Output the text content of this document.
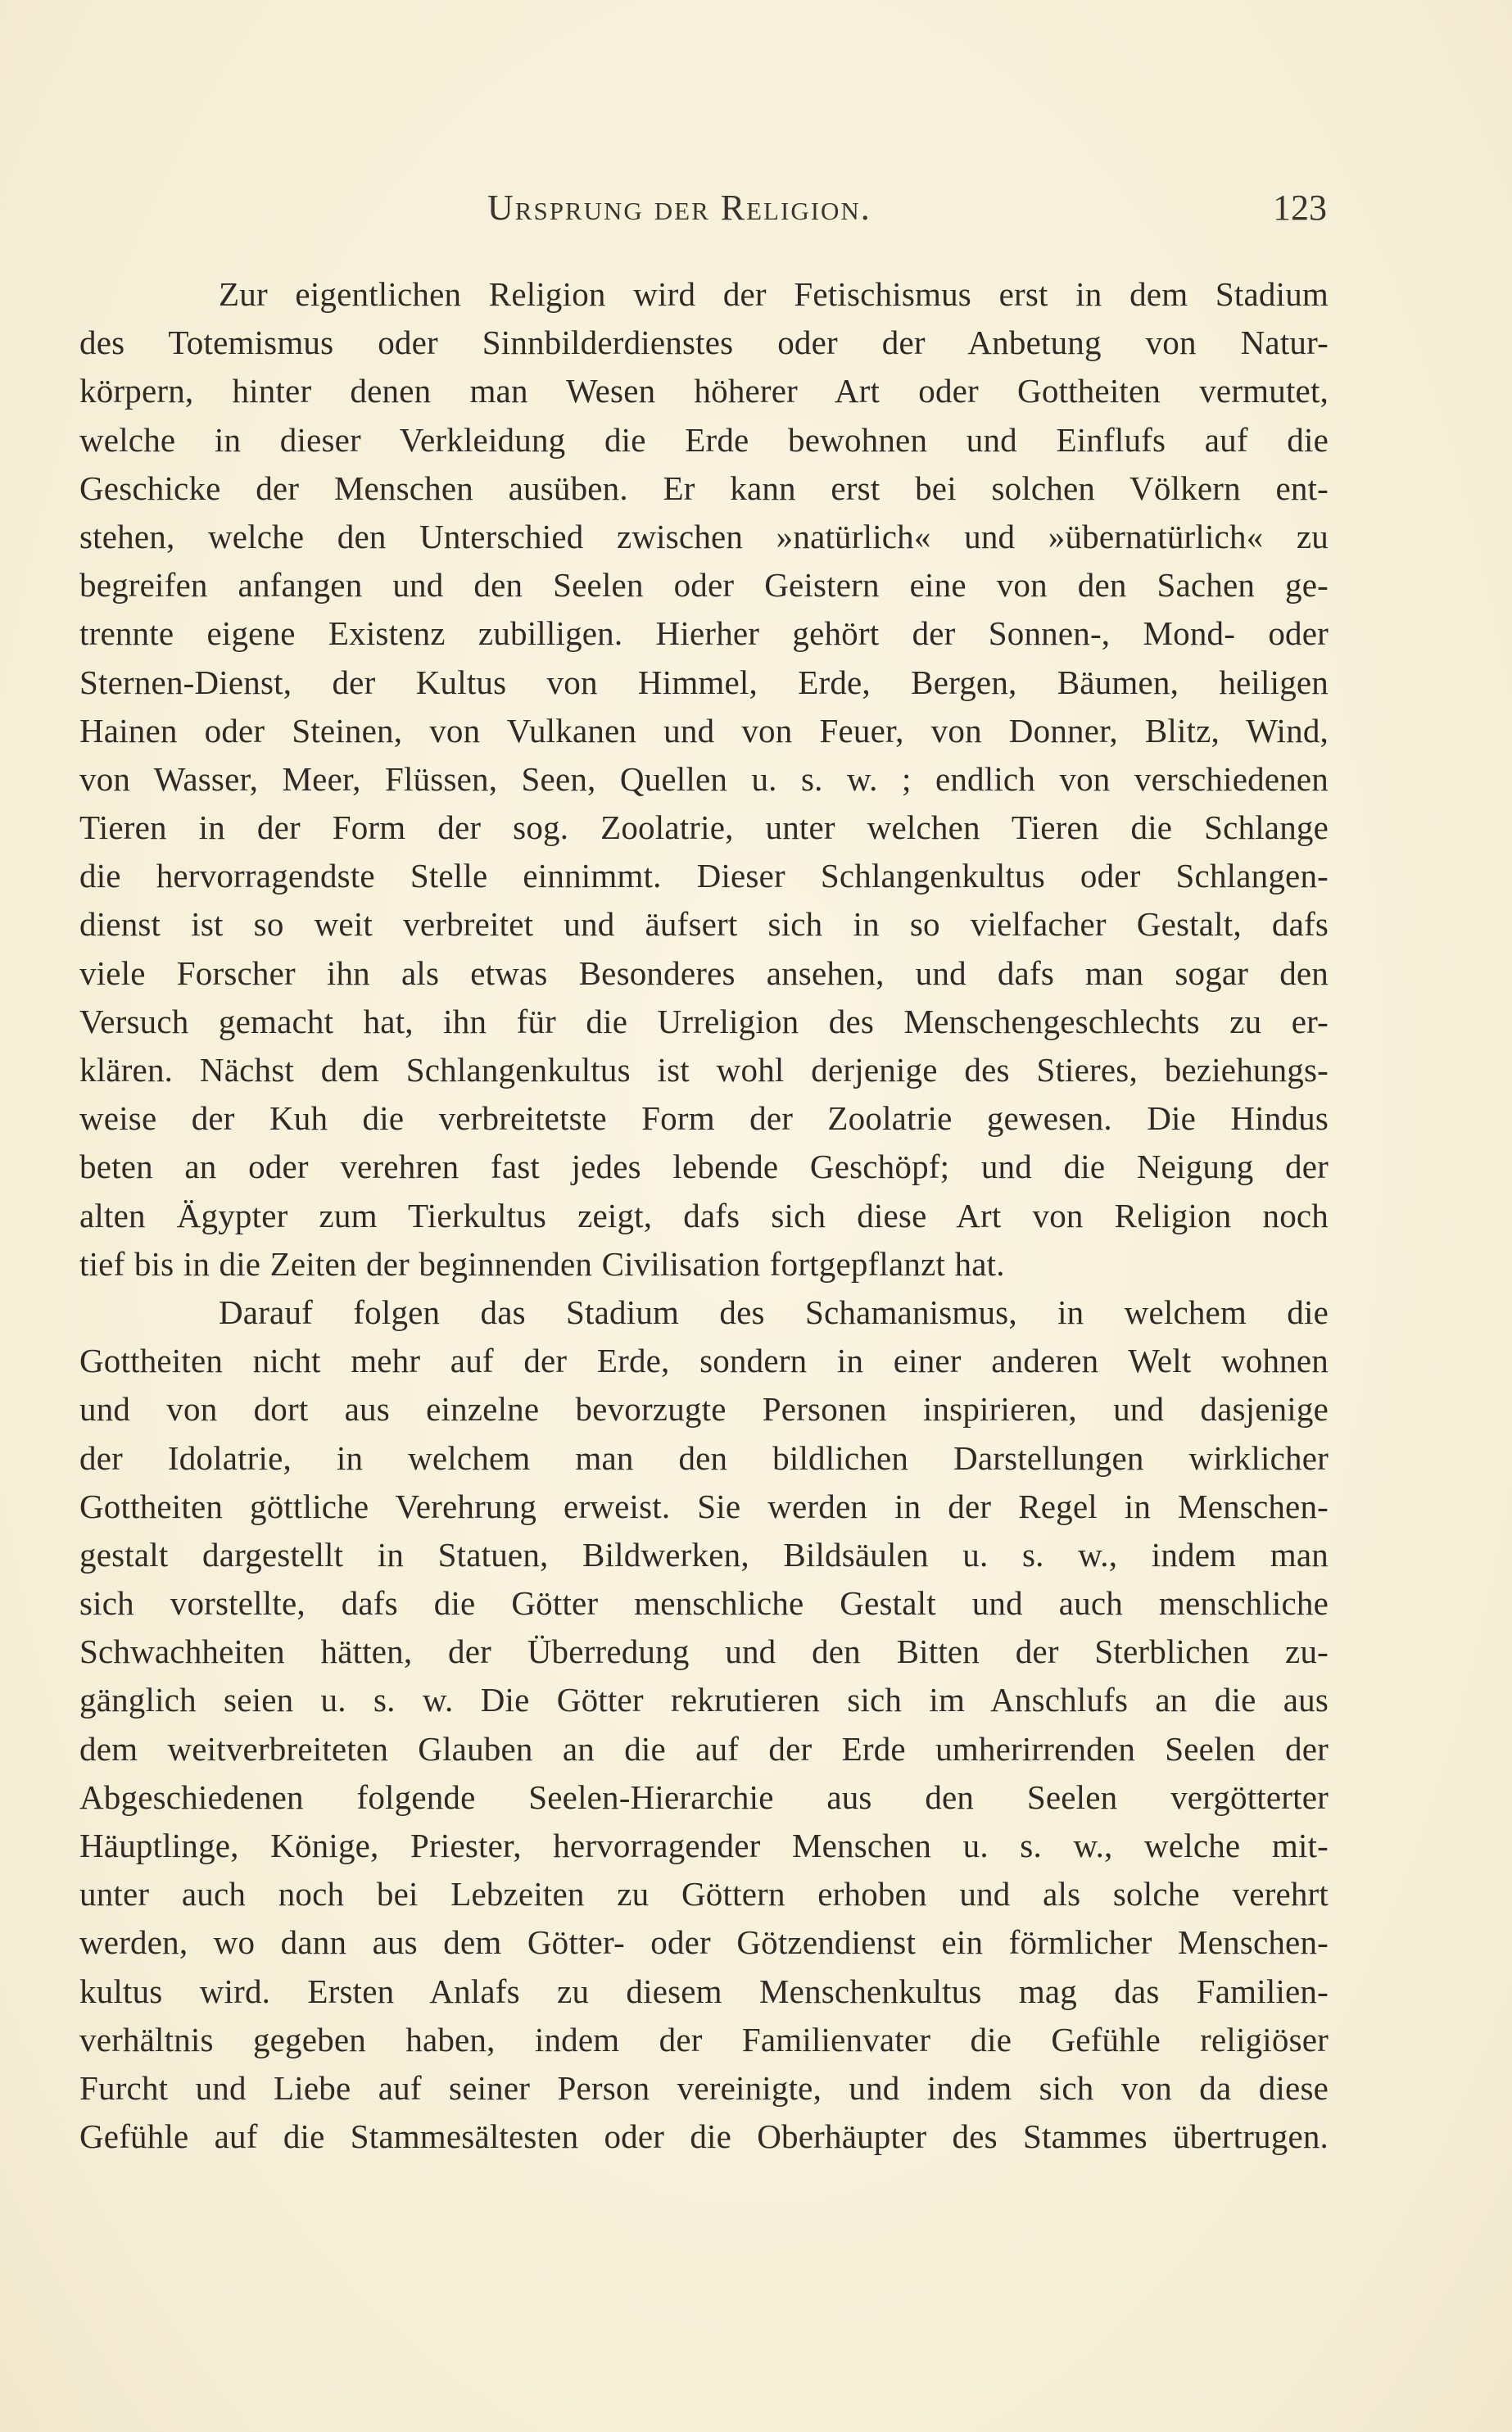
Ursprung der Religion.	123
Zur eigentlichen Religion wird der Fetischismus erst in dem Stadium
des Totemismus oder Sinnbilderdienstes oder der Anbetung von Natur-
körpern, hinter denen man Wesen höherer Art oder Gottheiten vermutet,
welche in dieser Verkleidung die Erde bewohnen und Einflufs auf die
Geschicke der Menschen ausüben. Er kann erst bei solchen Völkern ent-
stehen, welche den Unterschied zwischen »natürlich« und »übernatürlich« zu
begreifen anfangen und den Seelen oder Geistern eine von den Sachen ge-
trennte eigene Existenz zubilligen. Hierher gehört der Sonnen-, Mond- oder
Sternen-Dienst, der Kultus von Himmel, Erde, Bergen, Bäumen, heiligen
Hainen oder Steinen, von Vulkanen und von Feuer, von Donner, Blitz, Wind,
von Wasser, Meer, Flüssen, Seen, Quellen u. s. w. ; endlich von verschiedenen
Tieren in der Form der sog. Zoolatrie, unter welchen Tieren die Schlange
die hervorragendste Stelle einnimmt. Dieser Schlangenkultus oder Schlangen-
dienst ist so weit verbreitet und äufsert sich in so vielfacher Gestalt, dafs
viele Forscher ihn als etwas Besonderes ansehen, und dafs man sogar den
Versuch gemacht hat, ihn für die Urreligion des Menschengeschlechts zu er-
klären. Nächst dem Schlangenkultus ist wohl derjenige des Stieres, beziehungs-
weise der Kuh die verbreitetste Form der Zoolatrie gewesen. Die Hindus
beten an oder verehren fast jedes lebende Geschöpf; und die Neigung der
alten Ägypter zum Tierkultus zeigt, dafs sich diese Art von Religion noch
tief bis in die Zeiten der beginnenden Civilisation fortgepflanzt hat.
Darauf folgen das Stadium des Schamanismus, in welchem die
Gottheiten nicht mehr auf der Erde, sondern in einer anderen Welt wohnen
und von dort aus einzelne bevorzugte Personen inspirieren, und dasjenige
der Idolatrie, in welchem man den bildlichen Darstellungen wirklicher
Gottheiten göttliche Verehrung erweist. Sie werden in der Regel in Menschen-
gestalt dargestellt in Statuen, Bildwerken, Bildsäulen u. s. w., indem man
sich vorstellte, dafs die Götter menschliche Gestalt und auch menschliche
Schwachheiten hätten, der Überredung und den Bitten der Sterblichen zu-
gänglich seien u. s. w. Die Götter rekrutieren sich im Anschlufs an die aus
dem weitverbreiteten Glauben an die auf der Erde umherirrenden Seelen der
Abgeschiedenen folgende Seelen-Hierarchie aus den Seelen vergötterter
Häuptlinge, Könige, Priester, hervorragender Menschen u. s. w., welche mit-
unter auch noch bei Lebzeiten zu Göttern erhoben und als solche verehrt
werden, wo dann aus dem Götter- oder Götzendienst ein förmlicher Menschen-
kultus wird. Ersten Anlafs zu diesem Menschenkultus mag das Familien-
verhältnis gegeben haben, indem der Familienvater die Gefühle religiöser
Furcht und Liebe auf seiner Person vereinigte, und indem sich von da diese
Gefühle auf die Stammesältesten oder die Oberhäupter des Stammes übertrugen.
